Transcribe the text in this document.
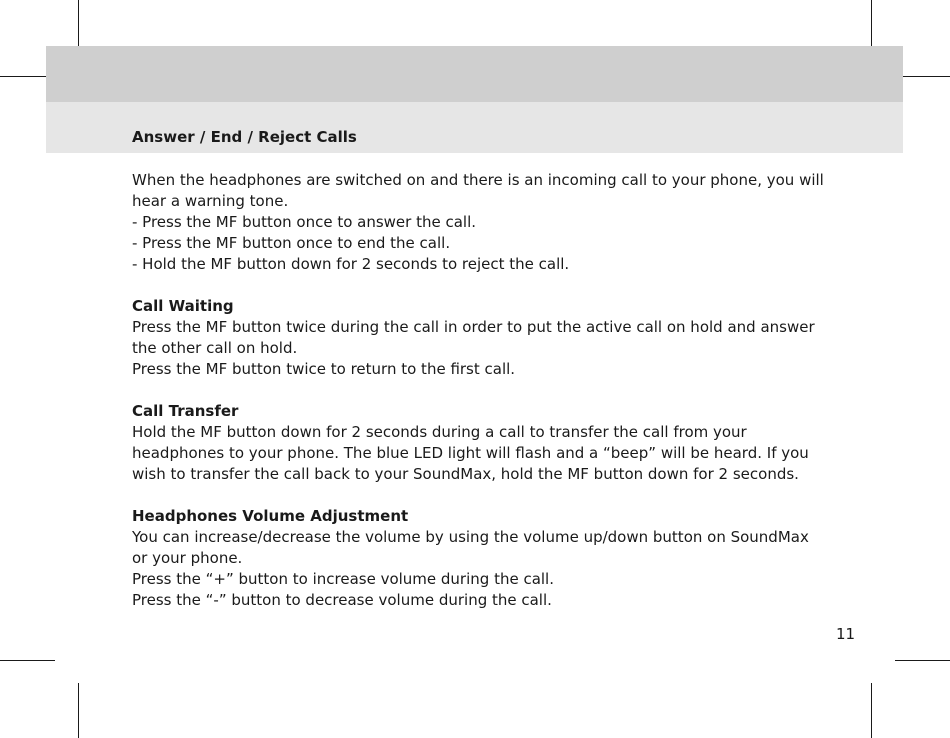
Answer / End / Reject Calls

When the headphones are switched on and there is an incoming call to your phone, you will

hear a warning tone.

- Press the MF button once to answer the call.

- Press the MF button once to end the call.

- Hold the MF button down for 2 seconds to reject the call.

Call Waiting

Press the MF button twice during the call in order to put the active call on hold and answer

the other call on hold.

Press the MF button twice to return to the first call.

Call Transfer

Hold the MF button down for 2 seconds during a call to transfer the call from your

headphones to your phone. The blue LED light will flash and a “beep” will be heard. If you

wish to transfer the call back to your SoundMax, hold the MF button down for 2 seconds.

Headphones Volume Adjustment

You can increase/decrease the volume by using the volume up/down button on SoundMax

or your phone.

Press the “+” button to increase volume during the call.

Press the “-” button to decrease volume during the call.

11
